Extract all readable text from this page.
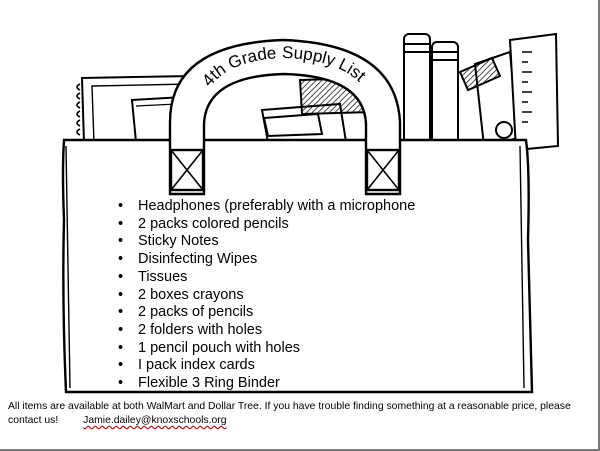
4th Grade Supply List
• Headphones (preferably with a microphone
• 2 packs colored pencils
• Sticky Notes
• Disinfecting Wipes
• Tissues
• 2 boxes crayons
• 2 packs of pencils
• 2 folders with holes
• 1 pencil pouch with holes
• I pack index cards
• Flexible 3 Ring Binder
All items are available at both WalMart and Dollar Tree. If you have trouble finding something at a reasonable price, please contact us! Jamie.dailey@knoxschools.org
